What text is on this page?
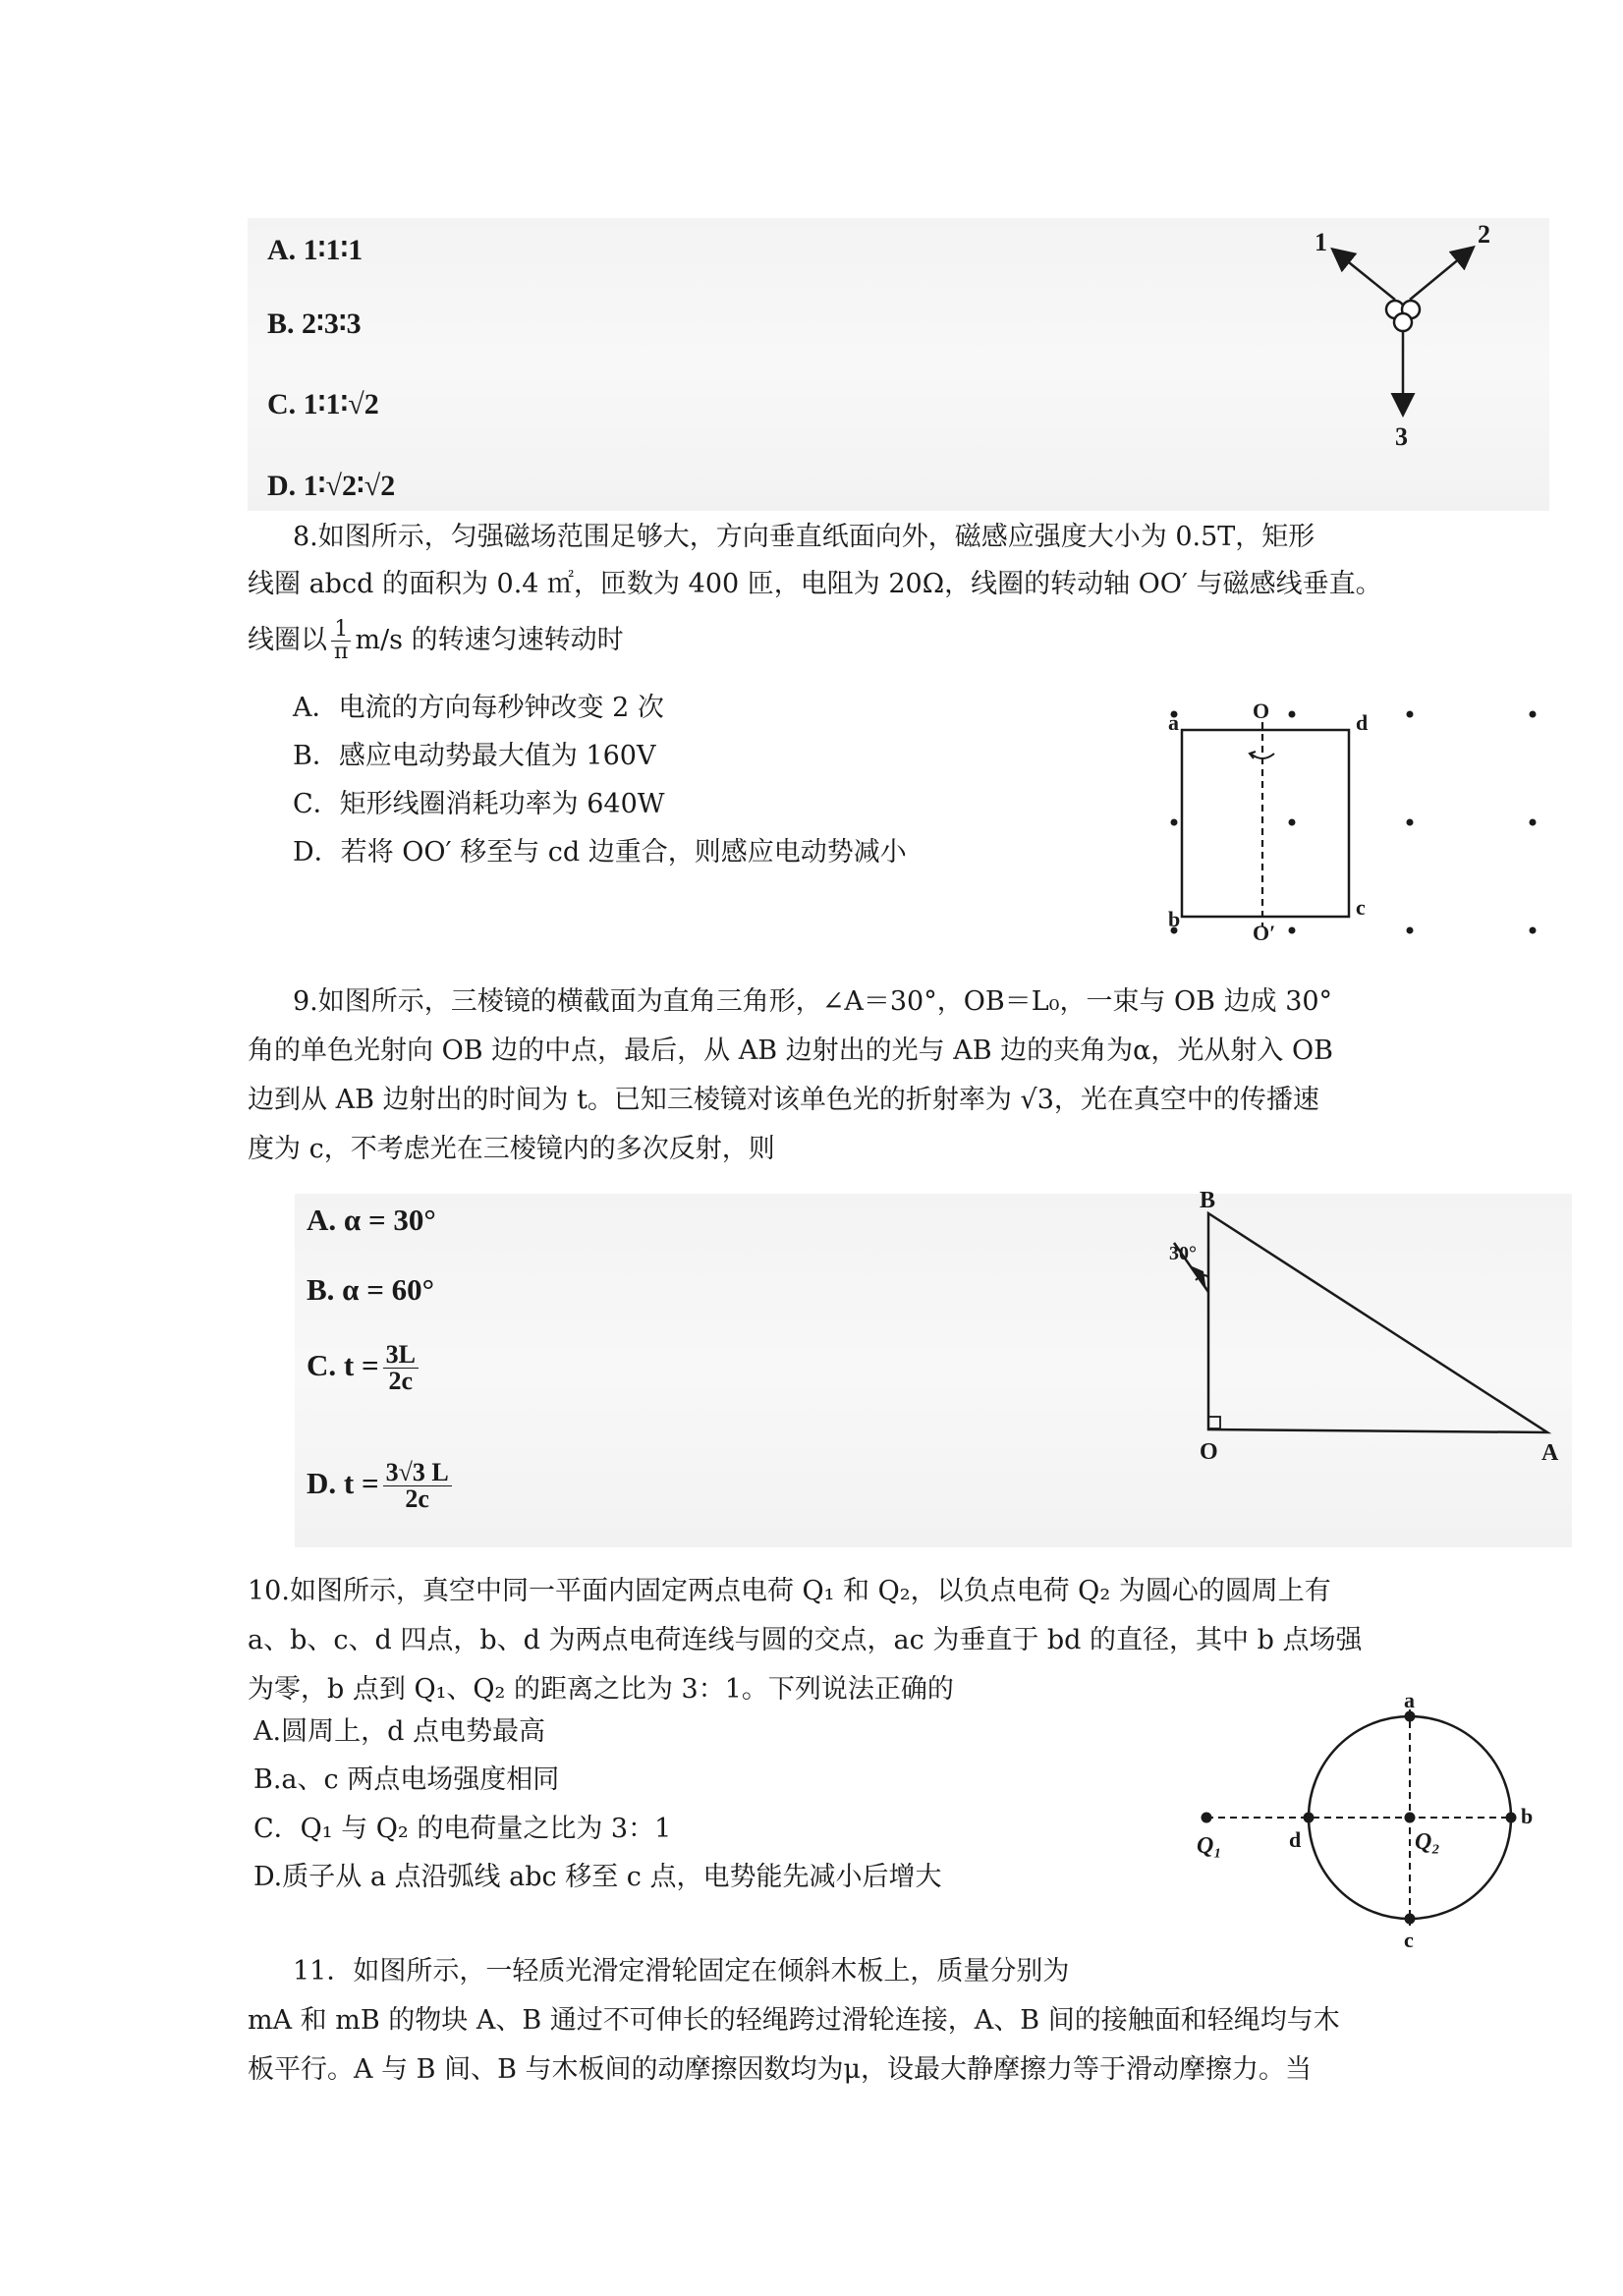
A. 1∶1∶1
B. 2∶3∶3
C. 1∶1∶√2
D. 1∶√2∶√2
1	2
3
8.如图所示，匀强磁场范围足够大，方向垂直纸面向外，磁感应强度大小为 0.5T，矩形
线圈 abcd 的面积为 0.4 ㎡，匝数为 400 匝，电阻为 20Ω，线圈的转动轴 OO′ 与磁感线垂直。
线圈以 $\frac{1}{\pi} m/s$ 的转速匀速转动时
A．电流的方向每秒钟改变 2 次
B．感应电动势最大值为 160V
C．矩形线圈消耗功率为 640W
D．若将 OO′ 移至与 cd 边重合，则感应电动势减小
a	d
b	c
O
O′
9.如图所示，三棱镜的横截面为直角三角形，∠A＝30°，OB＝L₀，一束与 OB 边成 30°
角的单色光射向 OB 边的中点，最后，从 AB 边射出的光与 AB 边的夹角为α，光从射入 OB
边到从 AB 边射出的时间为 t。已知三棱镜对该单色光的折射率为 √3，光在真空中的传播速
度为 c，不考虑光在三棱镜内的多次反射，则
A. α = 30°
B. α = 60°
C. $t = \frac{3L}{2c}$
D. $t = \frac{3√3 L}{2c}$
B
30°
O	A
10.如图所示，真空中同一平面内固定两点电荷 Q₁ 和 Q₂，以负点电荷 Q₂ 为圆心的圆周上有
a、b、c、d 四点，b、d 为两点电荷连线与圆的交点，ac 为垂直于 bd 的直径，其中 b 点场强
为零，b 点到 Q₁、Q₂ 的距离之比为 3：1。下列说法正确的
A.圆周上，d 点电势最高
B.a、c 两点电场强度相同
C．Q₁ 与 Q₂ 的电荷量之比为 3：1
D.质子从 a 点沿弧线 abc 移至 c 点，电势能先减小后增大
a
b
c
d
Q₁	Q₂
11．如图所示，一轻质光滑定滑轮固定在倾斜木板上，质量分别为
mA 和 mB 的物块 A、B 通过不可伸长的轻绳跨过滑轮连接，A、B 间的接触面和轻绳均与木
板平行。A 与 B 间、B 与木板间的动摩擦因数均为μ，设最大静摩擦力等于滑动摩擦力。当
